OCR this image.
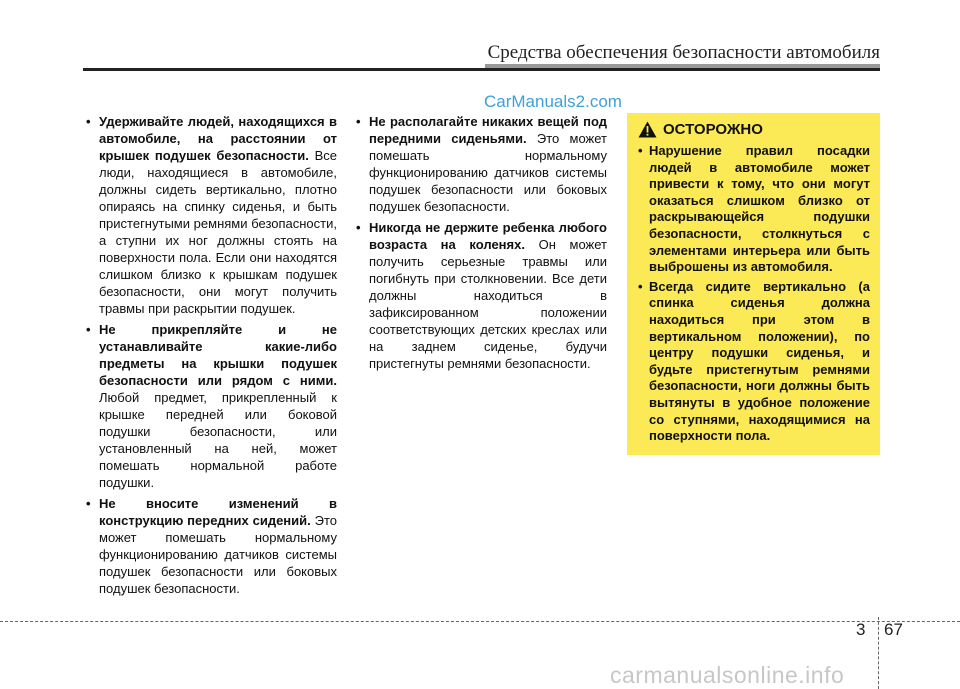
Средства обеспечения безопасности автомобиля
CarManuals2.com
• Удерживайте людей, находящихся в автомобиле, на расстоянии от крышек подушек безопасности. Все люди, находящиеся в автомобиле, должны сидеть вертикально, плотно опираясь на спинку сиденья, и быть пристегнутыми ремнями безопасности, а ступни их ног должны стоять на поверхности пола. Если они находятся слишком близко к крышкам подушек безопасности, они могут получить травмы при раскрытии подушек.
• Не прикрепляйте и не устанавливайте какие-либо предметы на крышки подушек безопасности или рядом с ними. Любой предмет, прикрепленный к крышке передней или боковой подушки безопасности, или установленный на ней, может помешать нормальной работе подушки.
• Не вносите изменений в конструкцию передних сидений. Это может помешать нормальному функционированию датчиков системы подушек безопасности или боковых подушек безопасности.
• Не располагайте никаких вещей под передними сиденьями. Это может помешать нормальному функционированию датчиков системы подушек безопасности или боковых подушек безопасности.
• Никогда не держите ребенка любого возраста на коленях. Он может получить серьезные травмы или погибнуть при столкновении. Все дети должны находиться в зафиксированном положении соответствующих детских креслах или на заднем сиденье, будучи пристегнуты ремнями безопасности.
ОСТОРОЖНО
• Нарушение правил посадки людей в автомобиле может привести к тому, что они могут оказаться слишком близко от раскрывающейся подушки безопасности, столкнуться с элементами интерьера или быть выброшены из автомобиля.
• Всегда сидите вертикально (а спинка сиденья должна находиться при этом в вертикальном положении), по центру подушки сиденья, и будьте пристегнутым ремнями безопасности, ноги должны быть вытянуты в удобное положение со ступнями, находящимися на поверхности пола.
3 67
carmanualsonline.info
